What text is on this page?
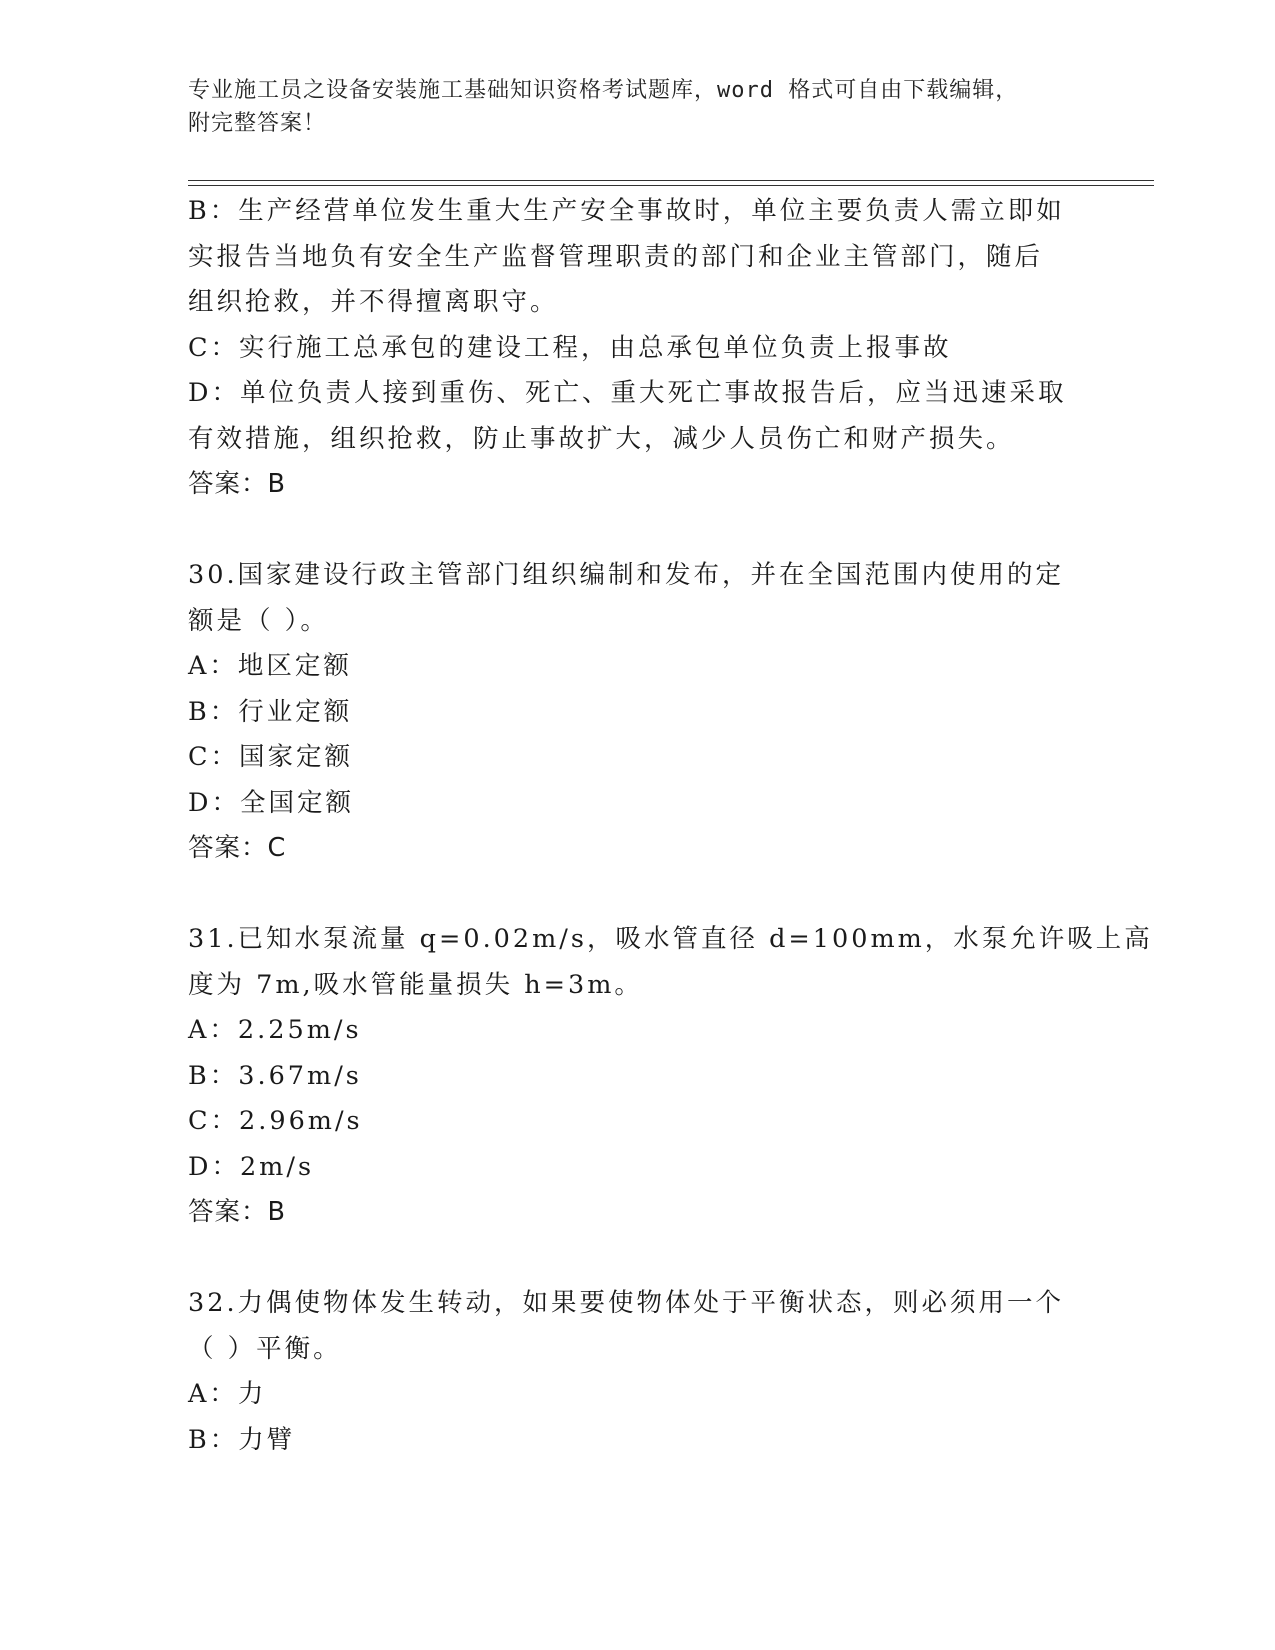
专业施工员之设备安装施工基础知识资格考试题库，word 格式可自由下载编辑，

附完整答案！

B：生产经营单位发生重大生产安全事故时，单位主要负责人需立即如

实报告当地负有安全生产监督管理职责的部门和企业主管部门，随后

组织抢救，并不得擅离职守。

C：实行施工总承包的建设工程，由总承包单位负责上报事故

D：单位负责人接到重伤、死亡、重大死亡事故报告后，应当迅速采取

有效措施，组织抢救，防止事故扩大，减少人员伤亡和财产损失。

答案：B

30.国家建设行政主管部门组织编制和发布，并在全国范围内使用的定

额是（ ）。

A：地区定额

B：行业定额

C：国家定额

D：全国定额

答案：C

31.已知水泵流量 q=0.02m/s，吸水管直径 d=100mm，水泵允许吸上高

度为 7m,吸水管能量损失 h=3m。

A：2.25m/s

B：3.67m/s

C：2.96m/s

D：2m/s

答案：B

32.力偶使物体发生转动，如果要使物体处于平衡状态，则必须用一个

（ ）平衡。

A：力

B：力臂
